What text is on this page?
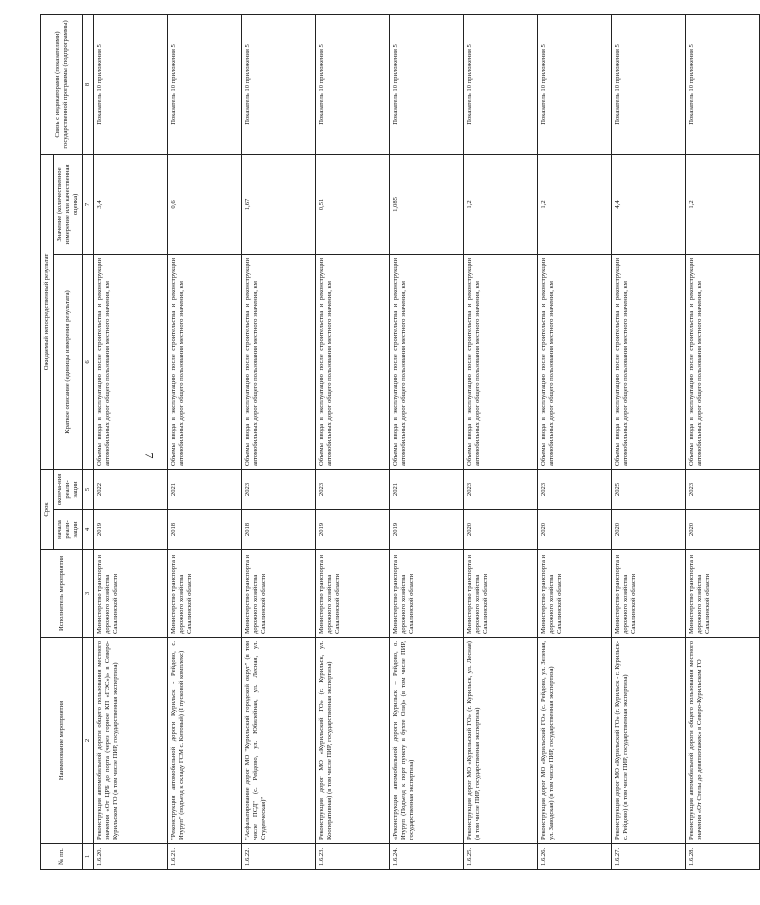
7
№ пп.	Наименование мероприятия	Исполнитель мероприятия	Срок		Ожидаемый непосредственный результат		Связь с индикаторами (показателями) государственной программы (подпрограммы)
			начала реали-зации	оконча-ния реали-зации	Краткое описание (единицы измерения результата)	Значение (количественное измерение или качественная оценка)	
1	2	3	4	5	6	7	8
1.6.20.	Реконструкция автомобильной дороги общего пользования местного значения «От ЦРБ до порта (через горное КП «ГЭС»)» в Северо-Курильском ГО (в том числе ПИР, государственная экспертиза)	Министерство транспорта и дорожного хозяйства Сахалинской области	2019	2022	Объемы ввода в эксплуатацию после строительства и реконструкции автомобильных дорог общего пользования местного значения, км	3,4	Показатель 10 приложения 5
1.6.21.	"Реконструкция автомобильной дороги Курильск - Рейдово, с. Итуруп" (подъезд к складу ГСМ с. Китовый) (I пусковой комплекс)	Министерство транспорта и дорожного хозяйства Сахалинской области	2018	2021	Объемы ввода в эксплуатацию после строительства и реконструкции автомобильных дорог общего пользования местного значения, км	0,6	Показатель 10 приложения 5
1.6.22.	"Асфальтирование дорог МО "Курильский городской округ" (в том числе ПСД" (с. Рейдово, ул. Юбилейная, ул. Лесная, ул. Студенческая)"	Министерство транспорта и дорожного хозяйства Сахалинской области	2018	2023	Объемы ввода в эксплуатацию после строительства и реконструкции автомобильных дорог общего пользования местного значения, км	1,67	Показатель 10 приложения 5
1.6.23.	Реконструкция дорог МО «Курильский ГО» (г. Курильск, ул. Кооперативная) (в том числе ПИР, государственная экспертиза)	Министерство транспорта и дорожного хозяйства Сахалинской области	2019	2023	Объемы ввода в эксплуатацию после строительства и реконструкции автомобильных дорог общего пользования местного значения, км	0,51	Показатель 10 приложения 5
1.6.24.	«Реконструкция автомобильной дороги Курильск – Рейдово, о. Итуруп (Подъезд к порт пункту в бухте Оля)» (в том числе ПИР, государственная экспертиза)	Министерство транспорта и дорожного хозяйства Сахалинской области	2019	2021	Объемы ввода в эксплуатацию после строительства и реконструкции автомобильных дорог общего пользования местного значения, км	1,085	Показатель 10 приложения 5
1.6.25.	Реконструкция дорог МО «Курильский ГО» (г. Курильск, ул. Лесная) (в том числе ПИР, государственная экспертиза)	Министерство транспорта и дорожного хозяйства Сахалинской области	2020	2023	Объемы ввода в эксплуатацию после строительства и реконструкции автомобильных дорог общего пользования местного значения, км	1,2	Показатель 10 приложения 5
1.6.26.	Реконструкция дорог МО «Курильский ГО» (с. Рейдово, ул. Зеленая, ул. Заводская) (в том числе ПИР, государственная экспертиза)	Министерство транспорта и дорожного хозяйства Сахалинской области	2020	2023	Объемы ввода в эксплуатацию после строительства и реконструкции автомобильных дорог общего пользования местного значения, км	1,2	Показатель 10 приложения 5
1.6.27.	Реконструкция дорог МО «Курильский ГО» (г. Курильск - г. Курильск-с. Рейдово) (в том числе ПИР, государственная экспертиза)	Министерство транспорта и дорожного хозяйства Сахалинской области	2020	2025	Объемы ввода в эксплуатацию после строительства и реконструкции автомобильных дорог общего пользования местного значения, км	4,4	Показатель 10 приложения 5
1.6.28.	Реконструкция автомобильной дороги общего пользования местного значения «От Стелы до девятиэтажек» в Северо-Курильском ГО	Министерство транспорта и дорожного хозяйства Сахалинской области	2020	2023	Объемы ввода в эксплуатацию после строительства и реконструкции автомобильных дорог общего пользования местного значения, км	1,2	Показатель 10 приложения 5
